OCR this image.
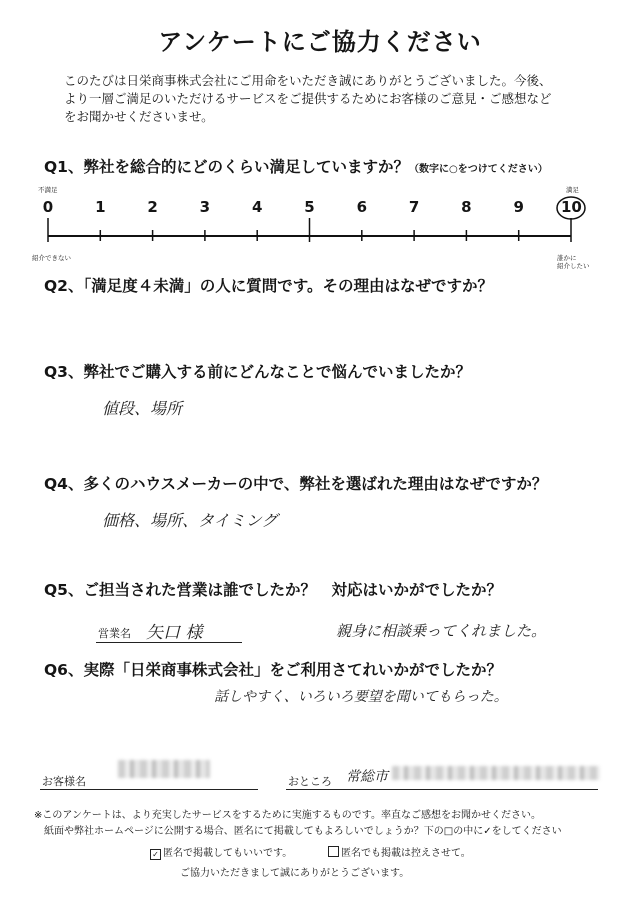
アンケートにご協力ください
このたびは日栄商事株式会社にご用命をいただき誠にありがとうございました。今後、
より一層ご満足のいただけるサービスをご提供するためにお客様のご意見・ご感想など
をお聞かせくださいませ。
Q1、弊社を総合的にどのくらい満足していますか？（数字に○をつけてください）
不満足	満足
0	1	2	3	4	5	6	7	8	9	10
紹介できない	誰かに
紹介したい
Q2、「満足度４未満」の人に質問です。その理由はなぜですか？
Q3、弊社でご購入する前にどんなことで悩んでいましたか？
値段、場所
Q4、多くのハウスメーカーの中で、弊社を選ばれた理由はなぜですか？
価格、場所、タイミング
Q5、ご担当された営業は誰でしたか？　対応はいかがでしたか？
営業名 矢口 様	親身に相談乗ってくれました。
Q6、実際「日栄商事株式会社」をご利用さてれいかがでしたか？
話しやすく、いろいろ要望を聞いてもらった。
お客様名	おところ 常総市
※このアンケートは、より充実したサービスをするために実施するものです。率直なご感想をお聞かせください。
紙面や弊社ホームページに公開する場合、匿名にて掲載してもよろしいでしょうか？下の□の中に✓をしてください
✓ 匿名で掲載してもいいです。	匿名でも掲載は控えさせて。
ご協力いただきまして誠にありがとうございます。
